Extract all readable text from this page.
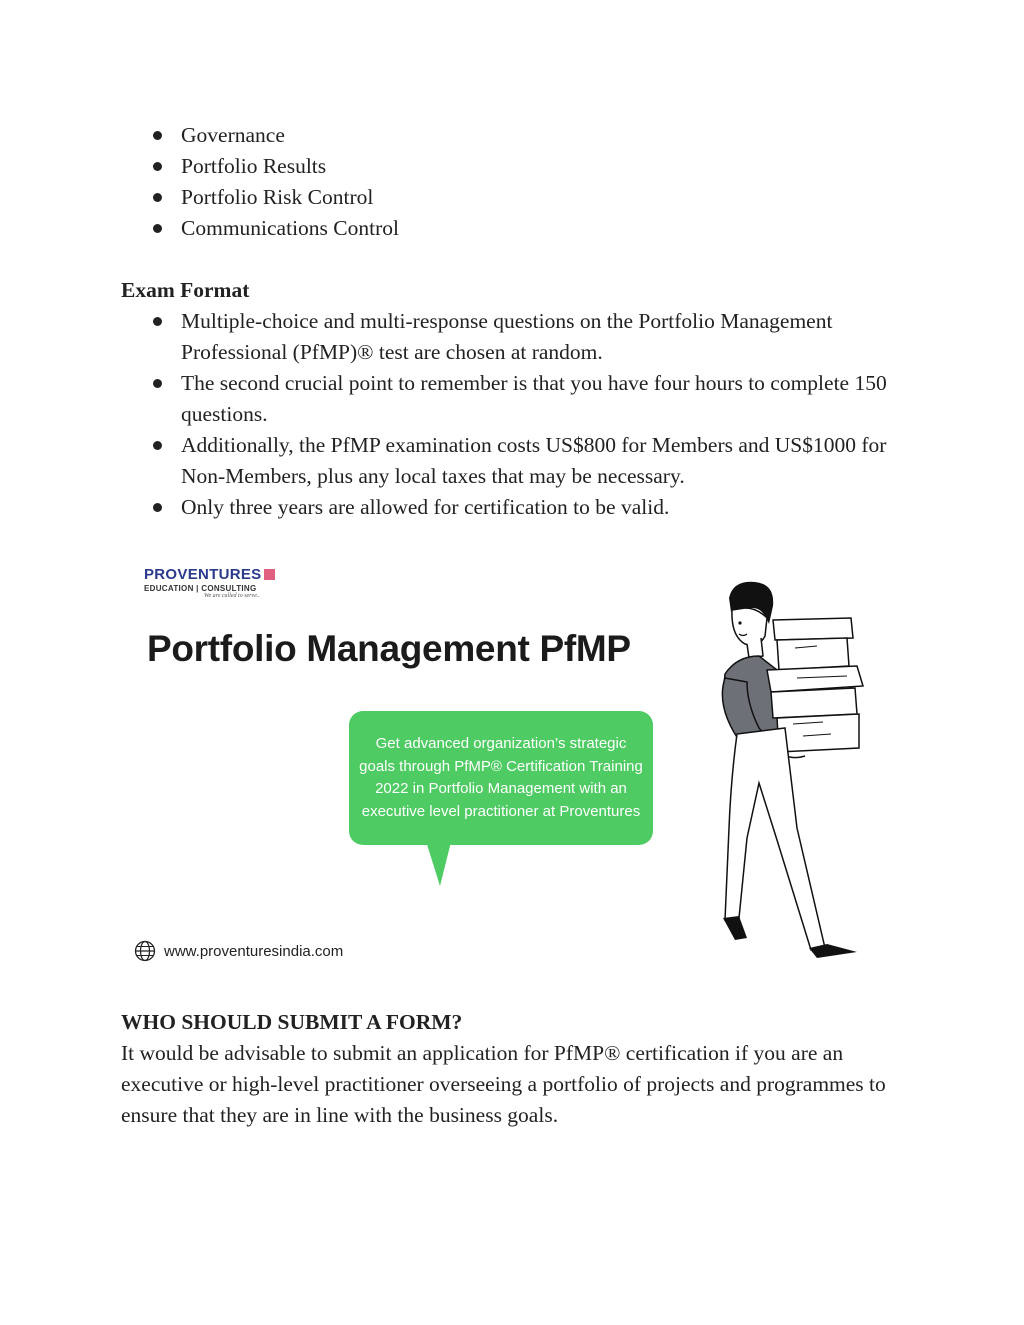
Governance
Portfolio Results
Portfolio Risk Control
Communications Control
Exam Format
Multiple-choice and multi-response questions on the Portfolio Management Professional (PfMP)® test are chosen at random.
The second crucial point to remember is that you have four hours to complete 150 questions.
Additionally, the PfMP examination costs US$800 for Members and US$1000 for Non-Members, plus any local taxes that may be necessary.
Only three years are allowed for certification to be valid.
PROVENTURES
EDUCATION | CONSULTING
We are called to serve..
Portfolio Management PfMP
Get advanced organization’s strategic goals through PfMP® Certification Training 2022 in Portfolio Management with an executive level practitioner at Proventures
www.proventuresindia.com
WHO SHOULD SUBMIT A FORM?
It would be advisable to submit an application for PfMP® certification if you are an executive or high-level practitioner overseeing a portfolio of projects and programmes to ensure that they are in line with the business goals.
